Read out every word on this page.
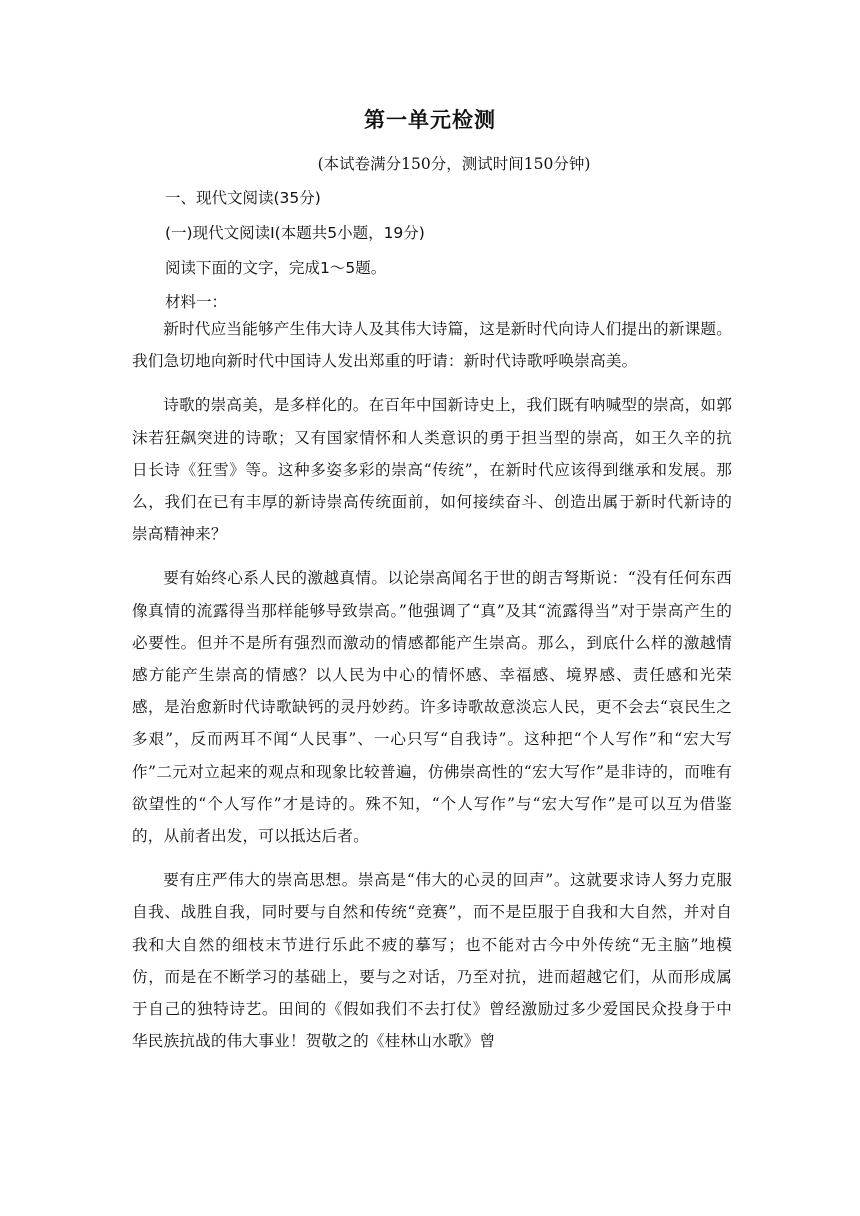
第一单元检测
(本试卷满分150分，测试时间150分钟)
一、现代文阅读(35分)
(一)现代文阅读Ⅰ(本题共5小题，19分)
阅读下面的文字，完成1～5题。
材料一：

新时代应当能够产生伟大诗人及其伟大诗篇，这是新时代向诗人们提出的新课题。我们急切地向新时代中国诗人发出郑重的吁请：新时代诗歌呼唤崇高美。

诗歌的崇高美，是多样化的。在百年中国新诗史上，我们既有呐喊型的崇高，如郭沫若狂飙突进的诗歌；又有国家情怀和人类意识的勇于担当型的崇高，如王久辛的抗日长诗《狂雪》等。这种多姿多彩的崇高“传统”，在新时代应该得到继承和发展。那么，我们在已有丰厚的新诗崇高传统面前，如何接续奋斗、创造出属于新时代新诗的崇高精神来？

要有始终心系人民的激越真情。以论崇高闻名于世的朗吉弩斯说：“没有任何东西像真情的流露得当那样能够导致崇高。”他强调了“真”及其“流露得当”对于崇高产生的必要性。但并不是所有强烈而激动的情感都能产生崇高。那么，到底什么样的激越情感方能产生崇高的情感？以人民为中心的情怀感、幸福感、境界感、责任感和光荣感，是治愈新时代诗歌缺钙的灵丹妙药。许多诗歌故意淡忘人民，更不会去“哀民生之多艰”，反而两耳不闻“人民事”、一心只写“自我诗”。这种把“个人写作”和“宏大写作”二元对立起来的观点和现象比较普遍，仿佛崇高性的“宏大写作”是非诗的，而唯有欲望性的“个人写作”才是诗的。殊不知，“个人写作”与“宏大写作”是可以互为借鉴的，从前者出发，可以抵达后者。

要有庄严伟大的崇高思想。崇高是“伟大的心灵的回声”。这就要求诗人努力克服自我、战胜自我，同时要与自然和传统“竞赛”，而不是臣服于自我和大自然，并对自我和大自然的细枝末节进行乐此不疲的摹写；也不能对古今中外传统“无主脑”地模仿，而是在不断学习的基础上，要与之对话，乃至对抗，进而超越它们，从而形成属于自己的独特诗艺。田间的《假如我们不去打仗》曾经激励过多少爱国民众投身于中华民族抗战的伟大事业！贺敬之的《桂林山水歌》曾
